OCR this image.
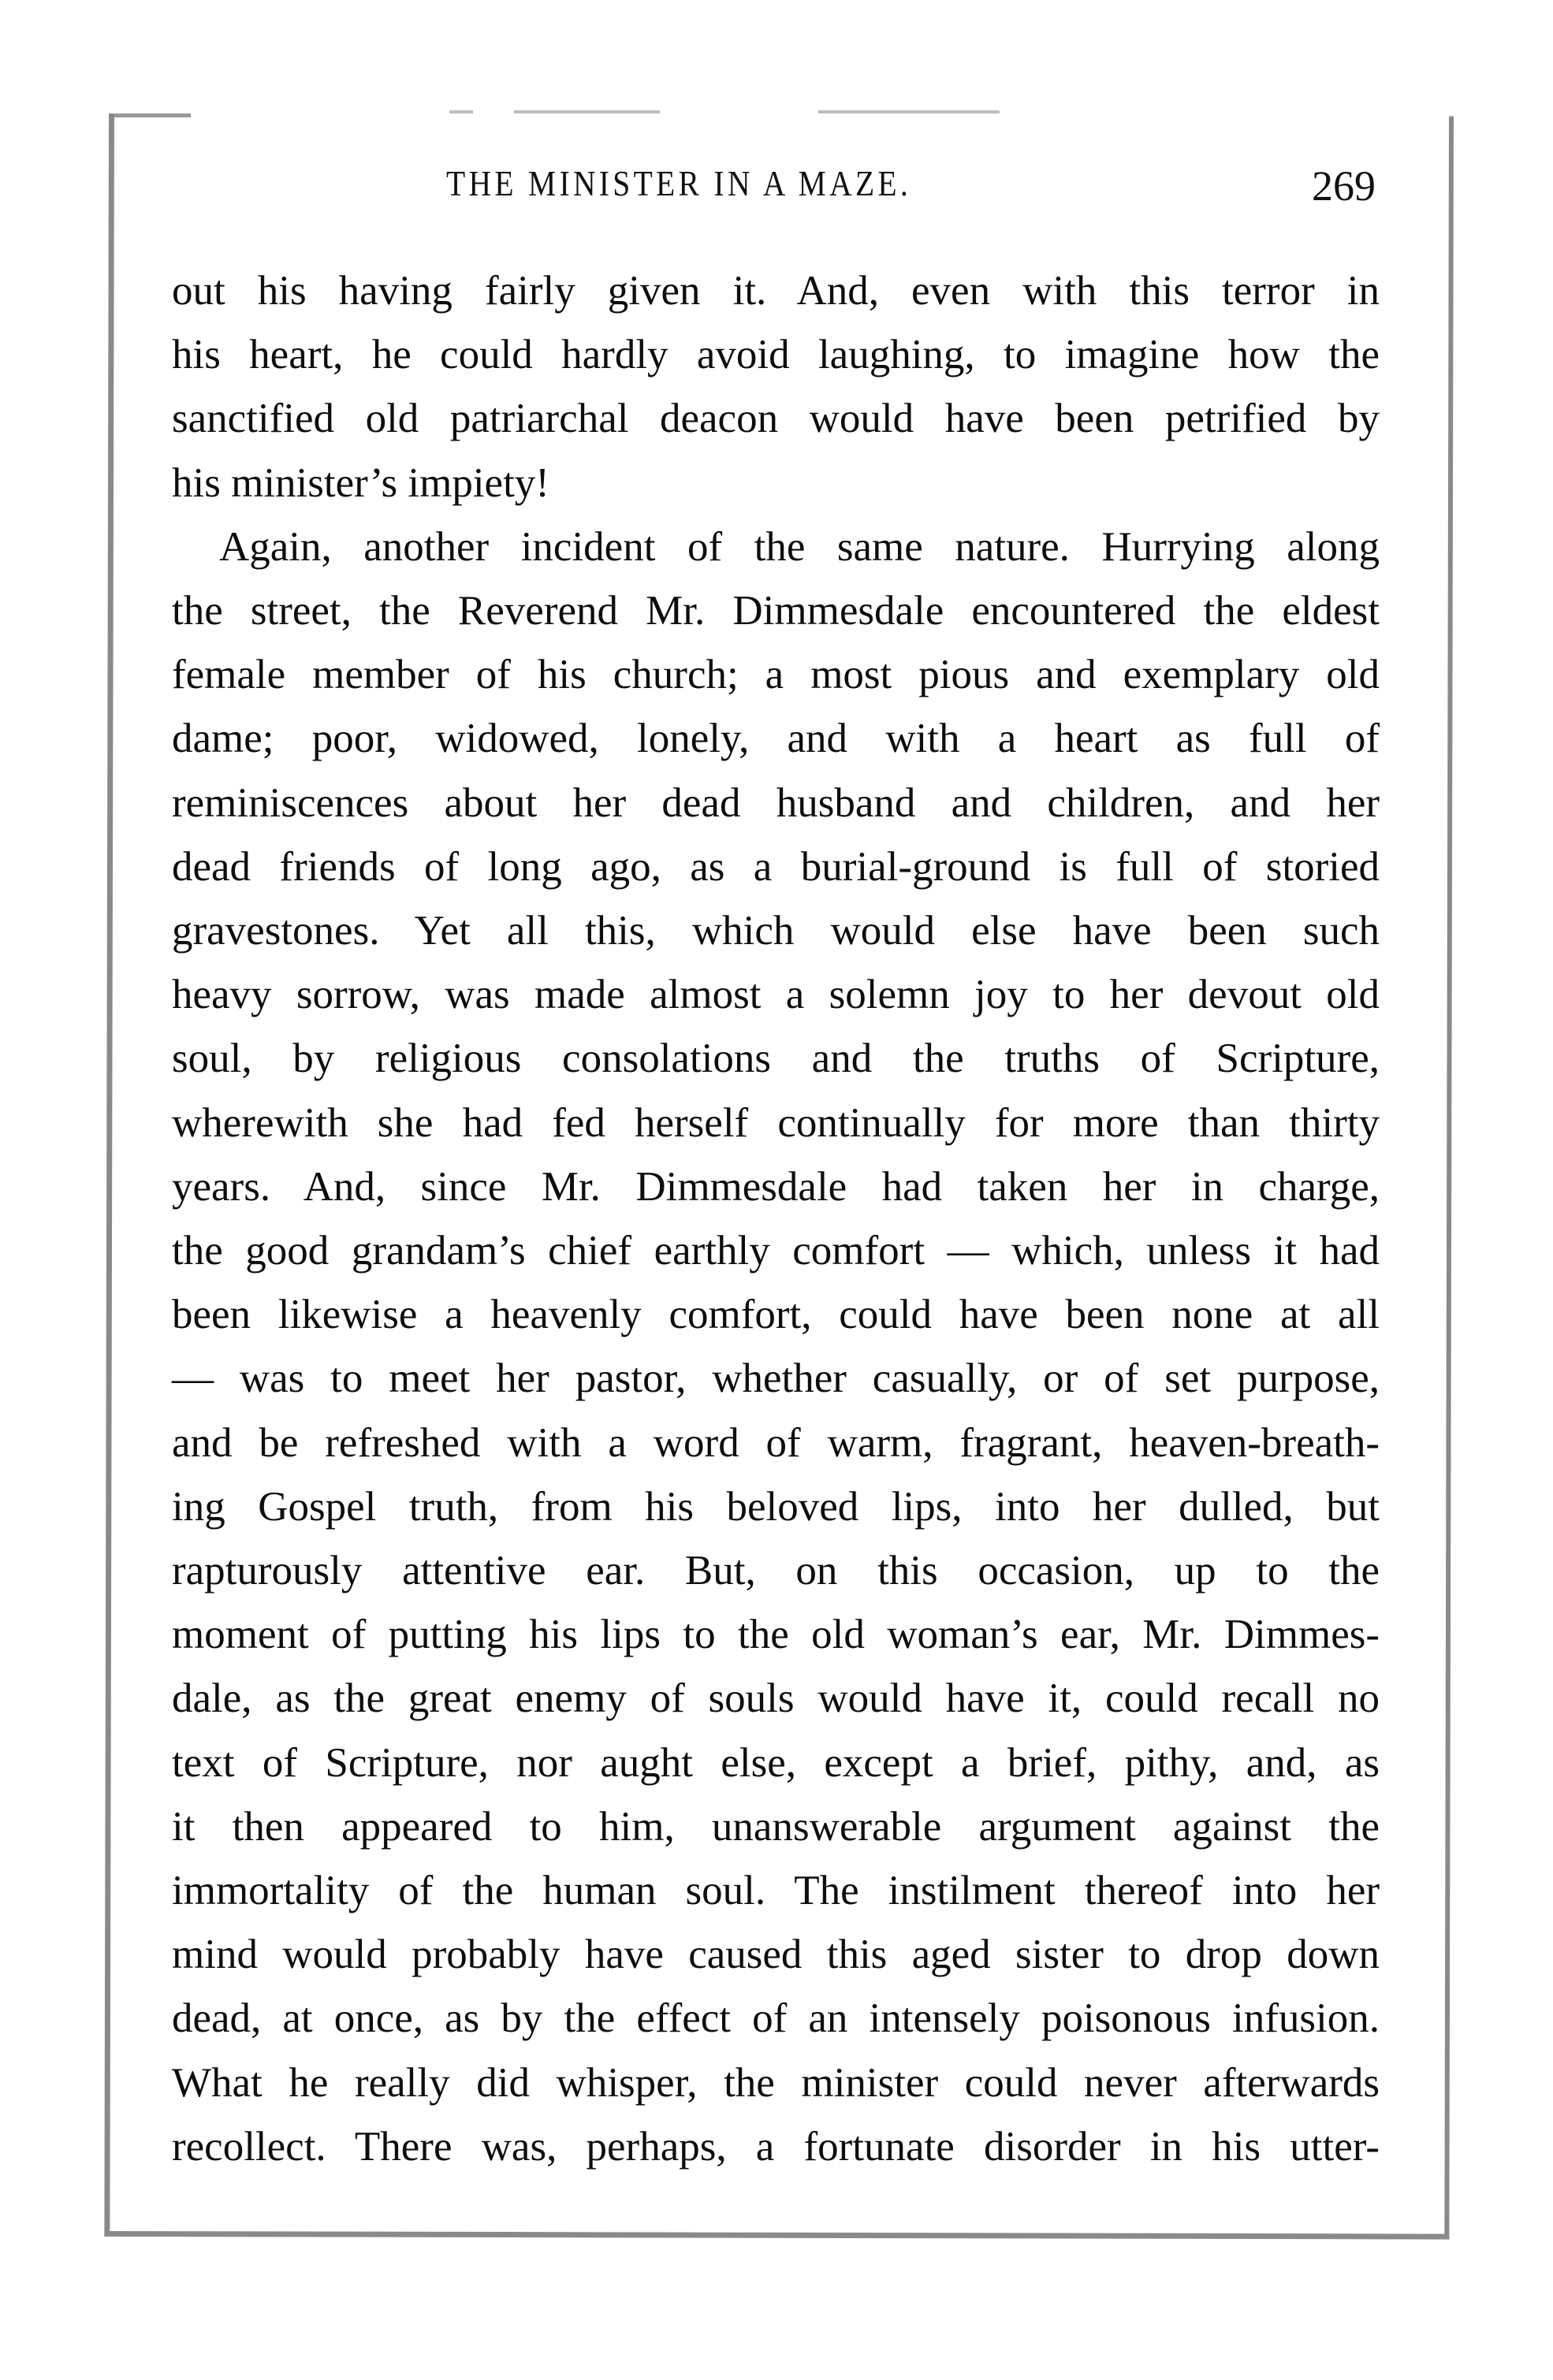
THE MINISTER IN A MAZE.	269
out his having fairly given it. And, even with this terror in
his heart, he could hardly avoid laughing, to imagine how the
sanctified old patriarchal deacon would have been petrified by
his minister’s impiety!
Again, another incident of the same nature. Hurrying along
the street, the Reverend Mr. Dimmesdale encountered the eldest
female member of his church; a most pious and exemplary old
dame; poor, widowed, lonely, and with a heart as full of
reminiscences about her dead husband and children, and her
dead friends of long ago, as a burial-ground is full of storied
gravestones. Yet all this, which would else have been such
heavy sorrow, was made almost a solemn joy to her devout old
soul, by religious consolations and the truths of Scripture,
wherewith she had fed herself continually for more than thirty
years. And, since Mr. Dimmesdale had taken her in charge,
the good grandam’s chief earthly comfort — which, unless it had
been likewise a heavenly comfort, could have been none at all
— was to meet her pastor, whether casually, or of set purpose,
and be refreshed with a word of warm, fragrant, heaven-breath-
ing Gospel truth, from his beloved lips, into her dulled, but
rapturously attentive ear. But, on this occasion, up to the
moment of putting his lips to the old woman’s ear, Mr. Dimmes-
dale, as the great enemy of souls would have it, could recall no
text of Scripture, nor aught else, except a brief, pithy, and, as
it then appeared to him, unanswerable argument against the
immortality of the human soul. The instilment thereof into her
mind would probably have caused this aged sister to drop down
dead, at once, as by the effect of an intensely poisonous infusion.
What he really did whisper, the minister could never afterwards
recollect. There was, perhaps, a fortunate disorder in his utter-
